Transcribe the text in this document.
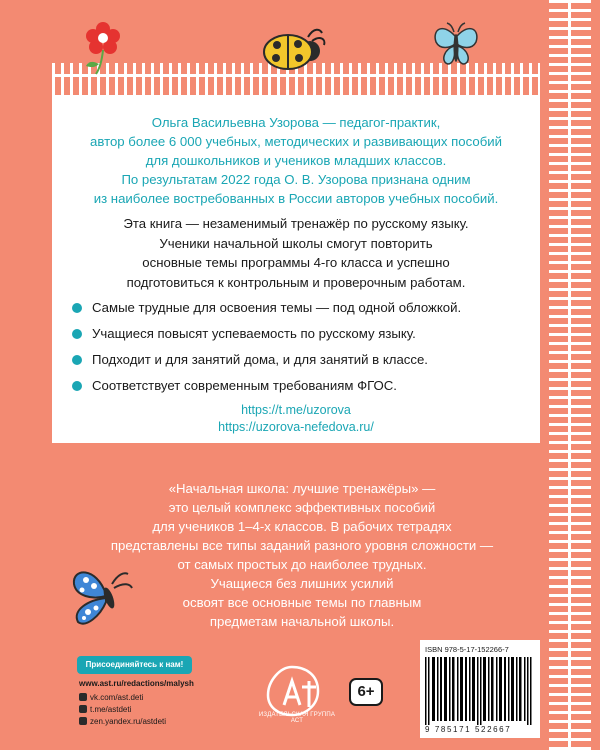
Ольга Васильевна Узорова — педагог-практик,
автор более 6 000 учебных, методических и развивающих пособий
для дошкольников и учеников младших классов.
По результатам 2022 года О. В. Узорова признана одним
из наиболее востребованных в России авторов учебных пособий.
Эта книга — незаменимый тренажёр по русскому языку.
Ученики начальной школы смогут повторить
основные темы программы 4-го класса и успешно
подготовиться к контрольным и проверочным работам.
Самые трудные для освоения темы — под одной обложкой.
Учащиеся повысят успеваемость по русскому языку.
Подходит и для занятий дома, и для занятий в классе.
Соответствует современным требованиям ФГОС.
https://t.me/uzorova
https://uzorova-nefedova.ru/
«Начальная школа: лучшие тренажёры» —
это целый комплекс эффективных пособий
для учеников 1–4-х классов. В рабочих тетрадях
представлены все типы заданий разного уровня сложности —
от самых простых до наиболее трудных.
Учащиеся без лишних усилий
освоят все основные темы по главным
предметам начальной школы.
Присоединяйтесь к нам!
www.ast.ru/redactions/malysh
vk.com/ast.deti
t.me/astdeti
zen.yandex.ru/astdeti
ИЗДАТЕЛЬСКАЯ ГРУППА АСТ
6+
ISBN 978-5-17-152266-7
9 785171 522667
